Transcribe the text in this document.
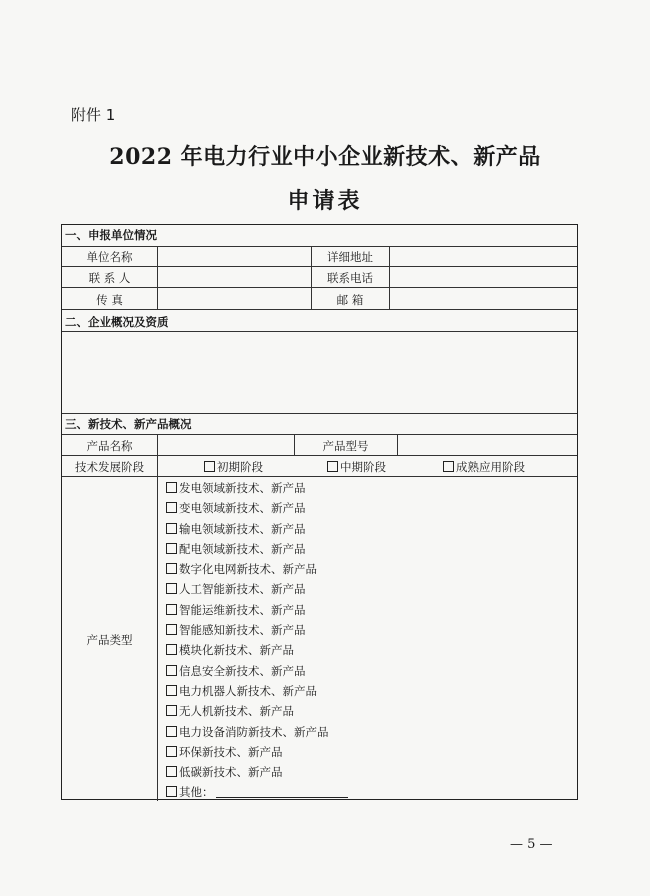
附件 1
2022 年电力行业中小企业新技术、新产品
申请表
一、申报单位情况
单位名称	详细地址
联 系 人	联系电话
传 真	邮 箱
二、企业概况及资质
三、新技术、新产品概况
产品名称	产品型号
技术发展阶段	初期阶段	中期阶段	成熟应用阶段
产品类型
发电领域新技术、新产品
变电领域新技术、新产品
输电领域新技术、新产品
配电领域新技术、新产品
数字化电网新技术、新产品
人工智能新技术、新产品
智能运维新技术、新产品
智能感知新技术、新产品
模块化新技术、新产品
信息安全新技术、新产品
电力机器人新技术、新产品
无人机新技术、新产品
电力设备消防新技术、新产品
环保新技术、新产品
低碳新技术、新产品
其他：
— 5 —
